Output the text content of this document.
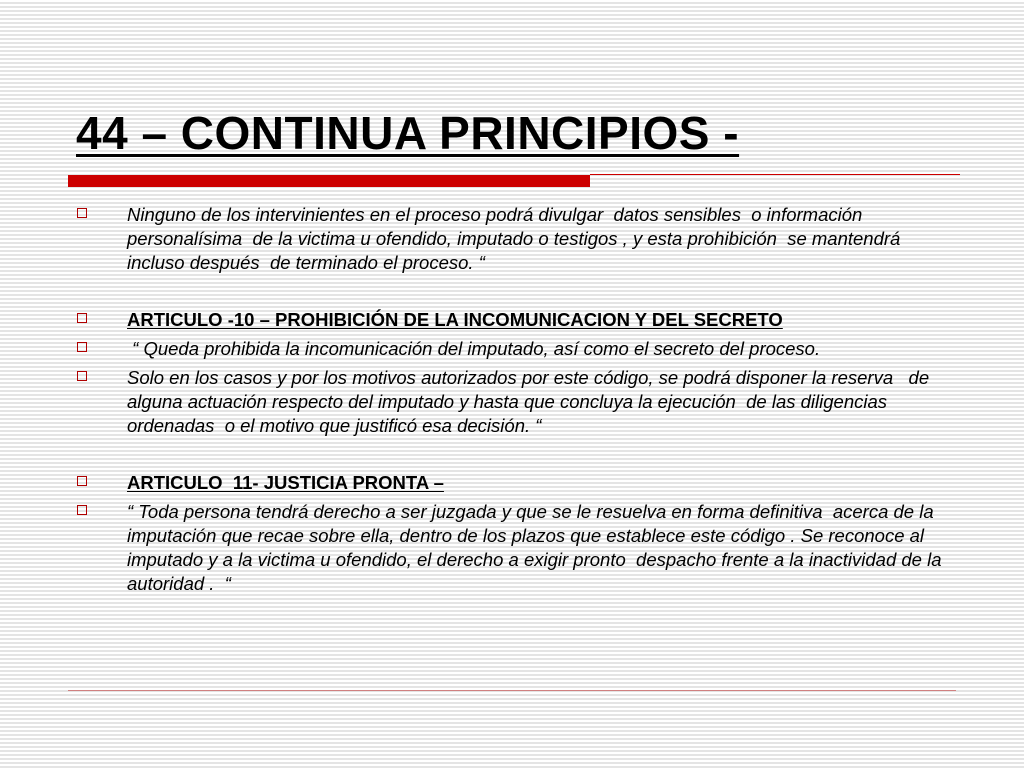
44 – CONTINUA PRINCIPIOS -
Ninguno de los intervinientes en el proceso podrá divulgar  datos sensibles  o información personalísima  de la victima u ofendido, imputado o testigos , y esta prohibición  se mantendrá incluso después  de terminado el proceso. “
ARTICULO -10 – PROHIBICIÓN DE LA INCOMUNICACION Y DEL SECRETO
“ Queda prohibida la incomunicación del imputado, así como el secreto del proceso.
Solo en los casos y por los motivos autorizados por este código, se podrá disponer la reserva   de alguna actuación respecto del imputado y hasta que concluya la ejecución  de las diligencias ordenadas  o el motivo que justificó esa decisión. “
ARTICULO  11- JUSTICIA PRONTA –
“ Toda persona tendrá derecho a ser juzgada y que se le resuelva en forma definitiva  acerca de la imputación que recae sobre ella, dentro de los plazos que establece este código . Se reconoce al imputado y a la victima u ofendido, el derecho a exigir pronto  despacho frente a la inactividad de la autoridad .  “
